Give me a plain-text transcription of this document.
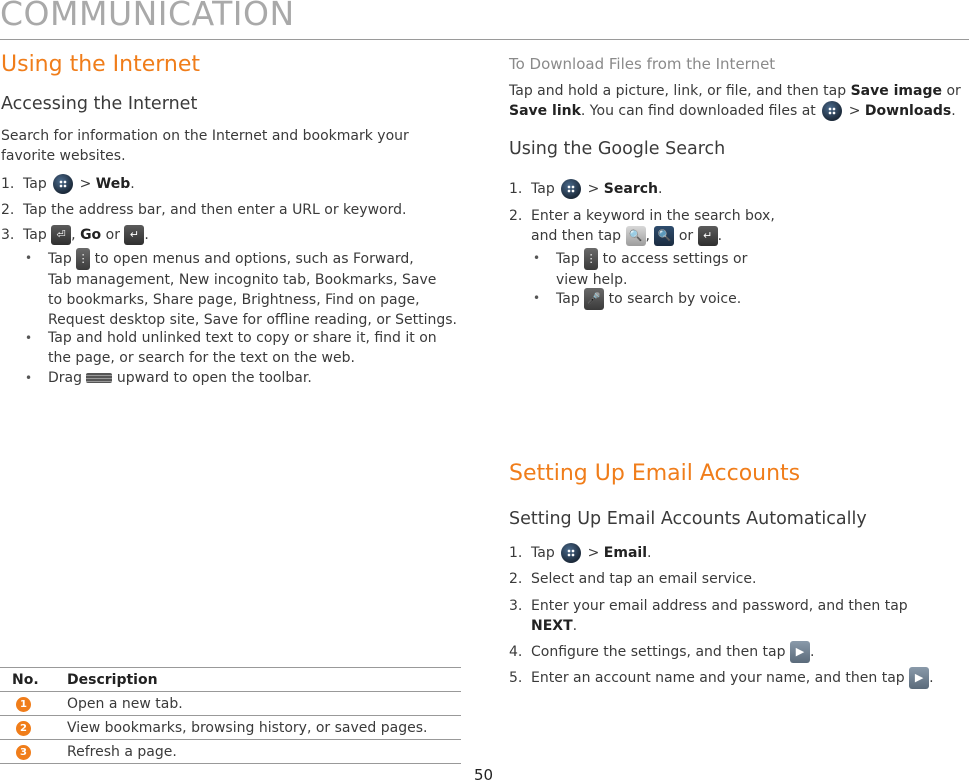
COMMUNICATION
Using the Internet
Accessing the Internet
Search for information on the Internet and bookmark your
favorite websites.
1. Tap > Web.
2. Tap the address bar, and then enter a URL or keyword.
3. Tap ⏎ , Go or ↵ .
• Tap ⋮ to open menus and options, such as Forward,
Tab management, New incognito tab, Bookmarks, Save
to bookmarks, Share page, Brightness, Find on page,
Request desktop site, Save for offline reading, or Settings.
• Tap and hold unlinked text to copy or share it, find it on
the page, or search for the text on the web.
• Drag upward to open the toolbar.
No.	Description
1	Open a new tab.
2	View bookmarks, browsing history, or saved pages.
3	Refresh a page.
To Download Files from the Internet
Tap and hold a picture, link, or file, and then tap Save image or
Save link. You can find downloaded files at > Downloads.
Using the Google Search
1. Tap > Search.
2. Enter a keyword in the search box,
and then tap 🔍 , 🔍 or ↵ .
• Tap ⋮ to access settings or
view help.
• Tap 🎤 to search by voice.
Setting Up Email Accounts
Setting Up Email Accounts Automatically
1. Tap > Email.
2. Select and tap an email service.
3. Enter your email address and password, and then tap
NEXT.
4. Configure the settings, and then tap ▶ .
5. Enter an account name and your name, and then tap ▶ .
50
